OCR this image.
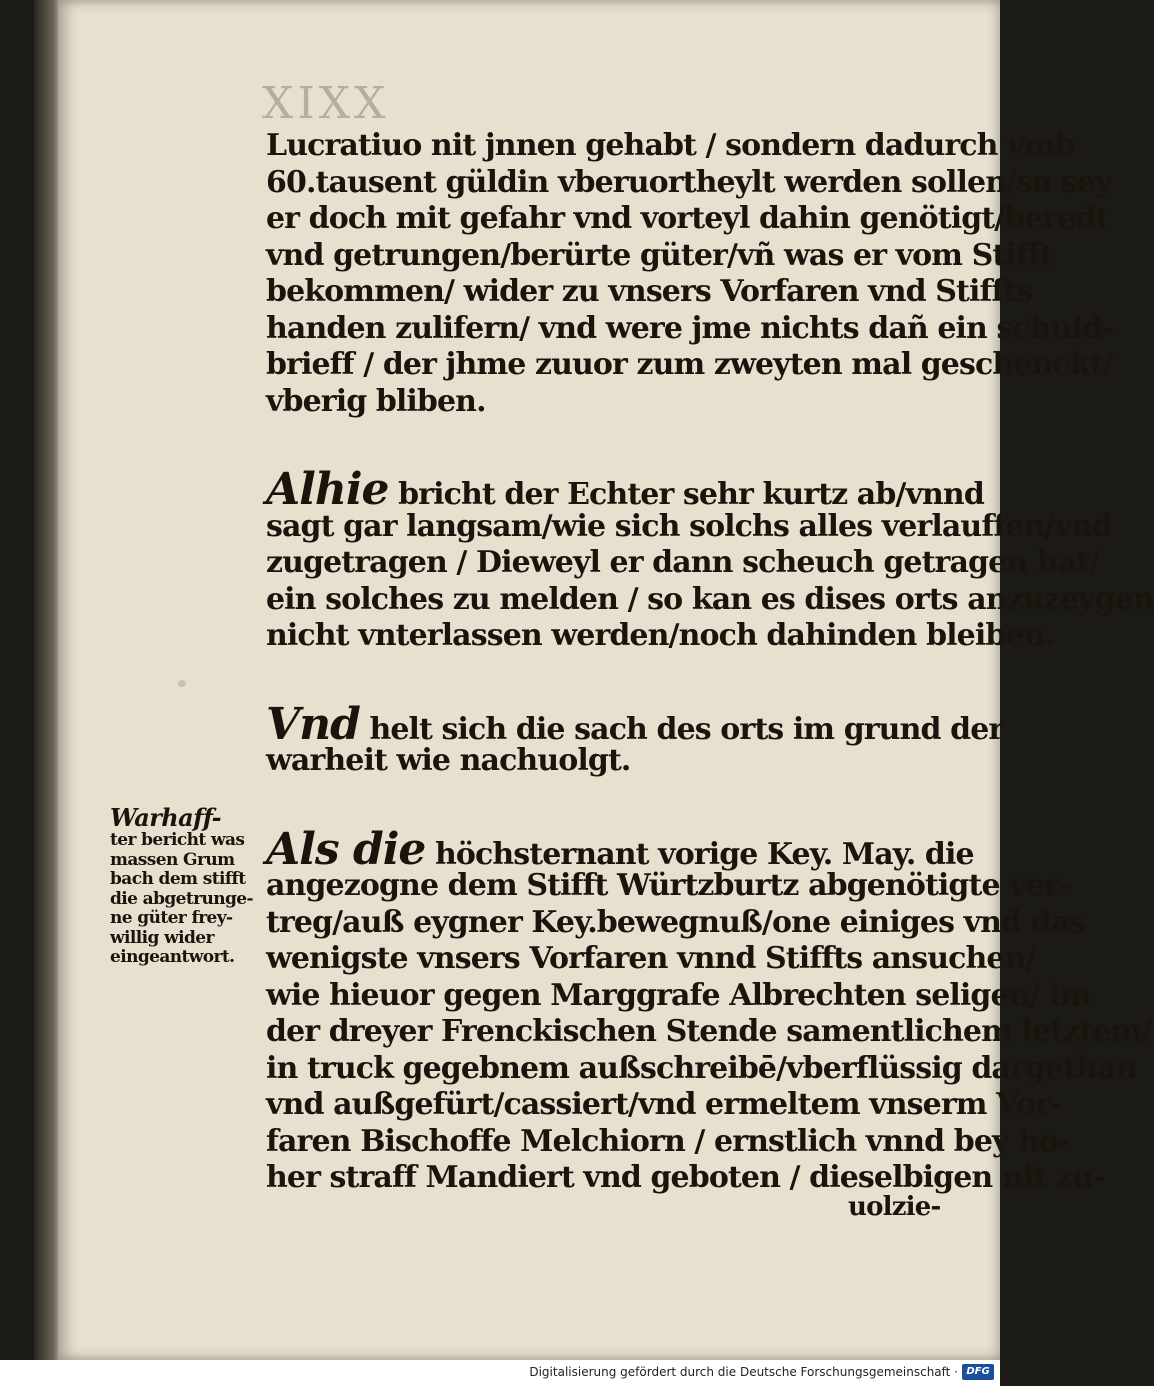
XIXX
Lucratiuo nit jnnen gehabt / sondern dadurch vmb
60.tausent güldin vberuortheylt werden sollen/so sey
er doch mit gefahr vnd vorteyl dahin genötigt/beredt
vnd getrungen/berürte güter/vñ was er vom Stifft
bekommen/ wider zu vnsers Vorfaren vnd Stiffts
handen zulifern/ vnd were jme nichts dañ ein schuld-
brieff / der jhme zuuor zum zweyten mal geschenckt/
vberig bliben.
Alhie bricht der Echter sehr kurtz ab/vnnd
sagt gar langsam/wie sich solchs alles verlauffen/vnd
zugetragen / Dieweyl er dann scheuch getragen hat/
ein solches zu melden / so kan es dises orts anzuzeygen
nicht vnterlassen werden/noch dahinden bleiben.
Vnd helt sich die sach des orts im grund der
warheit wie nachuolgt.
Als die höchsternant vorige Key. May. die
angezogne dem Stifft Würtzburtz abgenötigte ver-
treg/auß eygner Key.bewegnuß/one einiges vnd das
wenigste vnsers Vorfaren vnnd Stiffts ansuchen/
wie hieuor gegen Marggrafe Albrechten seligen/ im
der dreyer Frenckischen Stende samentlichem letztem/
in truck gegebnem außschreibē/vberflüssig dargethan
vnd außgefürt/cassiert/vnd ermeltem vnserm Vor-
faren Bischoffe Melchiorn / ernstlich vnnd bey ho-
her straff Mandiert vnd geboten / dieselbigen nit zu-
Warhaff-
ter bericht was
massen Grum
bach dem stifft
die abgetrunge-
ne güter frey-
willig wider
eingeantwort.
uolzie-
Digitalisierung gefördert durch die Deutsche Forschungsgemeinschaft · DFG
